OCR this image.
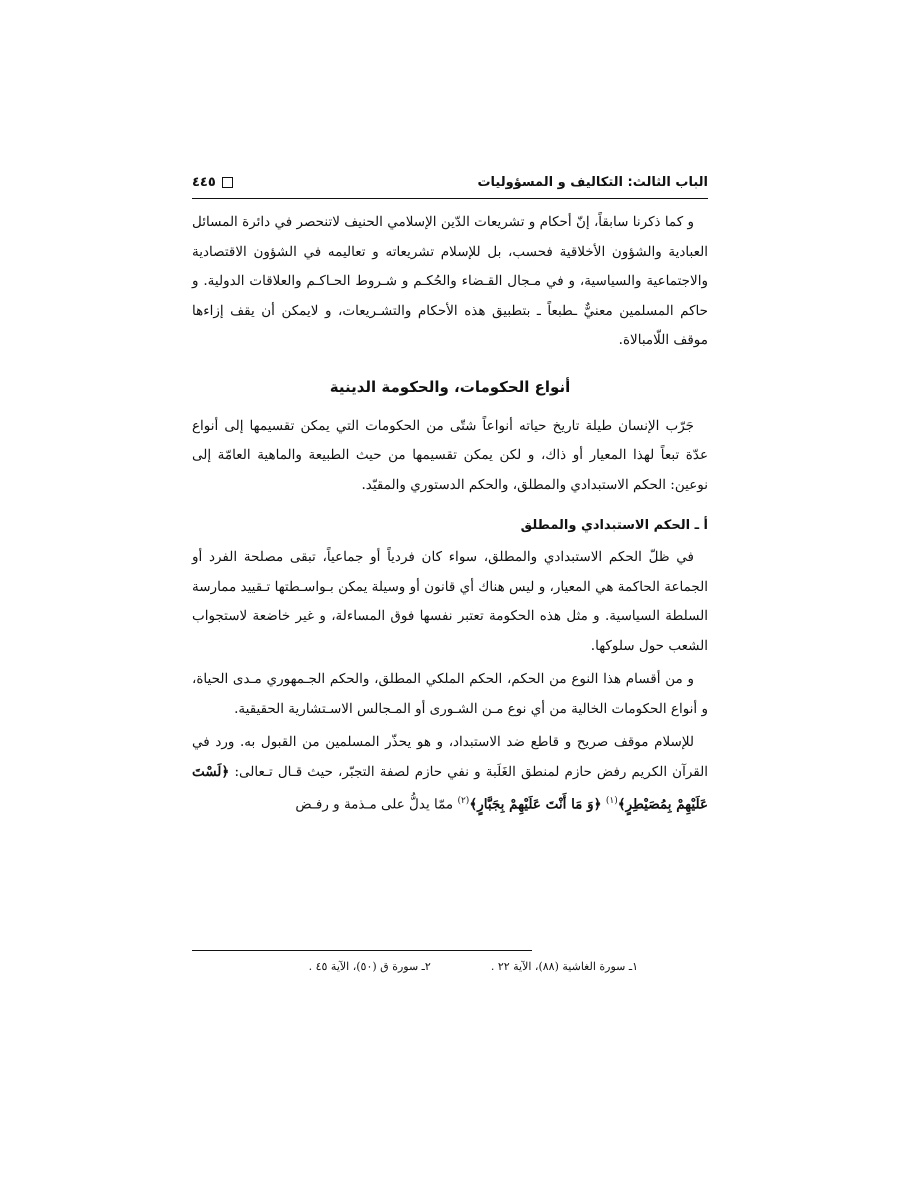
الباب الثالث: التكاليف و المسؤوليات
٤٤٥

و كما ذكرنا سابقاً، إنّ أحكام و تشريعات الدّين الإسلامي الحنيف لاتنحصر في دائرة المسائل العبادية والشؤون الأخلاقية فحسب، بل للإسلام تشريعاته و تعاليمه في الشؤون الاقتصادية والاجتماعية والسياسية، و في مـجال القـضاء والحُكـم و شـروط الحـاكـم والعلاقات الدولية. و حاكم المسلمين معنيٌّ ـطبعاً ـ بتطبيق هذه الأحكام والتشـريعات، و لايمكن أن يقف إزاءها موقف اللّامبالاة.

أنواع الحكومات، والحكومة الدينية

جَرّب الإنسان طيلة تاريخ حياته أنواعاً شتّى من الحكومات التي يمكن تقسيمها إلى أنواع عدّة تبعاً لهذا المعيار أو ذاك، و لكن يمكن تقسيمها من حيث الطبيعة والماهية العامّة إلى نوعين: الحكم الاستبدادي والمطلق، والحكم الدستوري والمقيّد.

أ ـ الحكم الاستبدادي والمطلق

في ظلّ الحكم الاستبدادي والمطلق، سواء كان فردياً أو جماعياً، تبقى مصلحة الفرد أو الجماعة الحاكمة هي المعيار، و ليس هناك أي قانون أو وسيلة يمكن بـواسـطتها تـقييد ممارسة السلطة السياسية. و مثل هذه الحكومة تعتبر نفسها فوق المساءلة، و غير خاضعة لاستجواب الشعب حول سلوكها.

و من أقسام هذا النوع من الحكم، الحكم الملكي المطلق، والحكم الجـمهوري مـدى الحياة، و أنواع الحكومات الخالية من أي نوع مـن الشـورى أو المـجالس الاسـتشارية الحقيقية.

للإسلام موقف صريح و قاطع ضد الاستبداد، و هو يحذّر المسلمين من القبول به. ورد في القرآن الكريم رفض حازم لمنطق الغَلَبة و نفي حازم لصفة التجبّر، حيث قـال تـعالى: ﴿لَسْتَ عَلَيْهِمْ بِمُصَيْطِرٍ﴾$^{(١)}$ ﴿وَ مَا أَنْتَ عَلَيْهِمْ بِجَبَّارٍ﴾$^{(٢)}$ ممّا يدلُّ على مـذمة و رفـض

١ـ سورة الغاشية (٨٨)، الآية ٢٢ .
٢ـ سورة ق (٥٠)، الآية ٤٥ .
